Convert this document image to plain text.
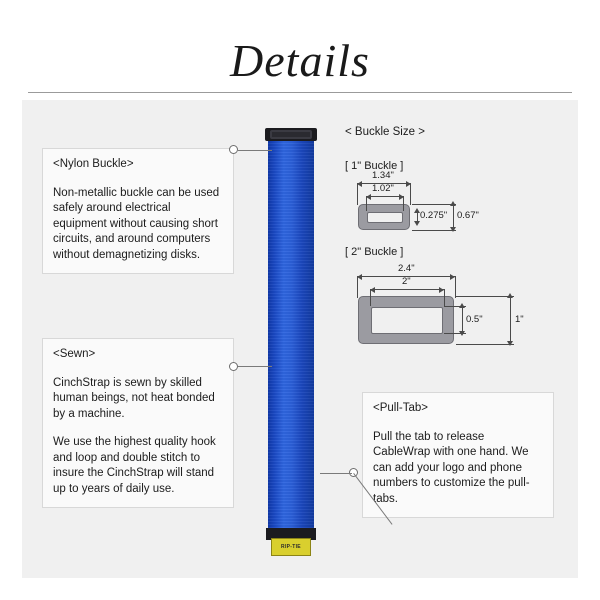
Details
RIP-TIE

<Nylon Buckle>

Non-metallic buckle can be used safely around electrical equipment without causing short circuits, and around computers without demagnetizing disks.

<Sewn>

CinchStrap is sewn by skilled human beings, not heat bonded by a machine.

We use the highest quality hook and loop and double stitch to insure the CinchStrap will stand up to years of daily use.

<Pull-Tab>

Pull the tab to release CableWrap with one hand. We can add your logo and phone numbers to customize the pull-tabs.

< Buckle Size >
[ 1" Buckle ]
1.34"
1.02"
0.275" 0.67"
[ 2" Buckle ]
2.4"
2"
0.5"	1"
